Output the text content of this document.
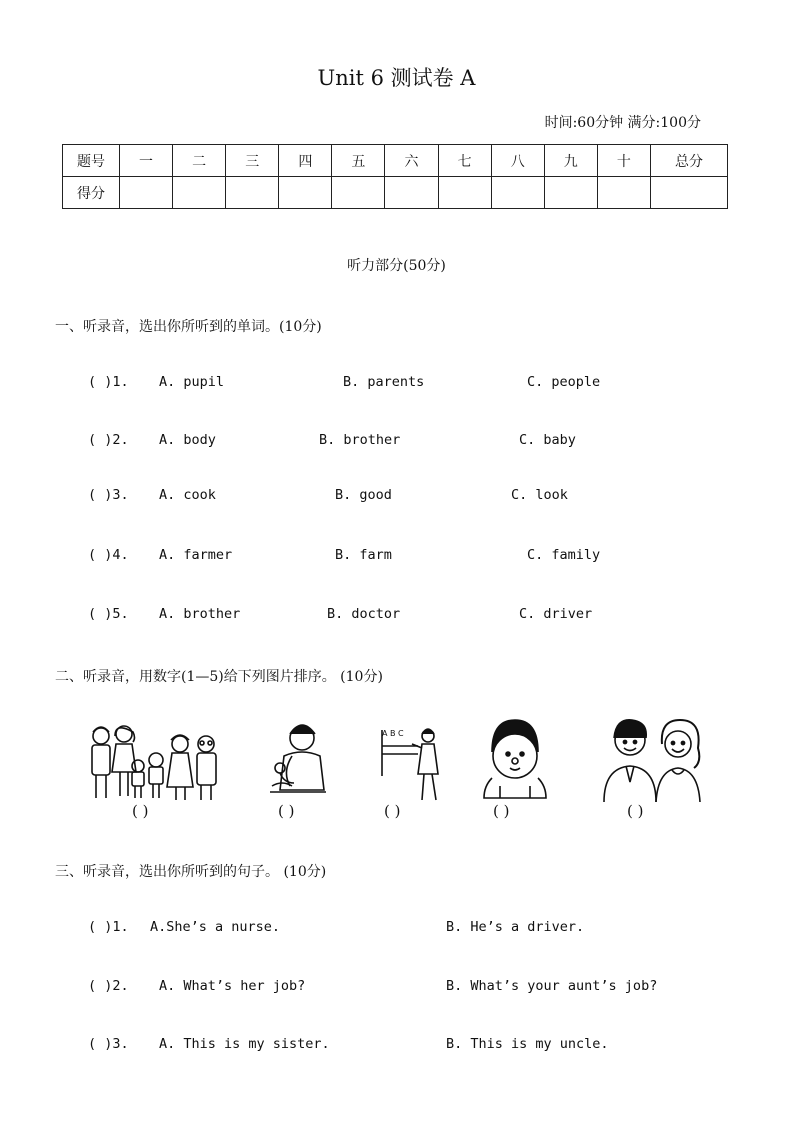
Unit 6 测试卷 A
时间:60分钟 满分:100分
题号	一	二	三	四	五	六	七	八	九	十	总分
得分											
听力部分(50分)
一、听录音，选出你所听到的单词。(10分)
( )1. A. pupil	B. parents	C. people
( )2. A. body	B. brother	C. baby
( )3. A. cook	B. good	C. look
( )4. A. farmer	B. farm	C. family
( )5. A. brother	B. doctor	C. driver
二、听录音，用数字(1—5)给下列图片排序。 (10分)
A B C
( )	( )	( )	( )	( )
三、听录音，选出你所听到的句子。 (10分)
( )1. A.She’s a nurse.	B. He’s a driver.
( )2. A. What’s her job?	B. What’s your aunt’s job?
( )3. A. This is my sister.	B. This is my uncle.
